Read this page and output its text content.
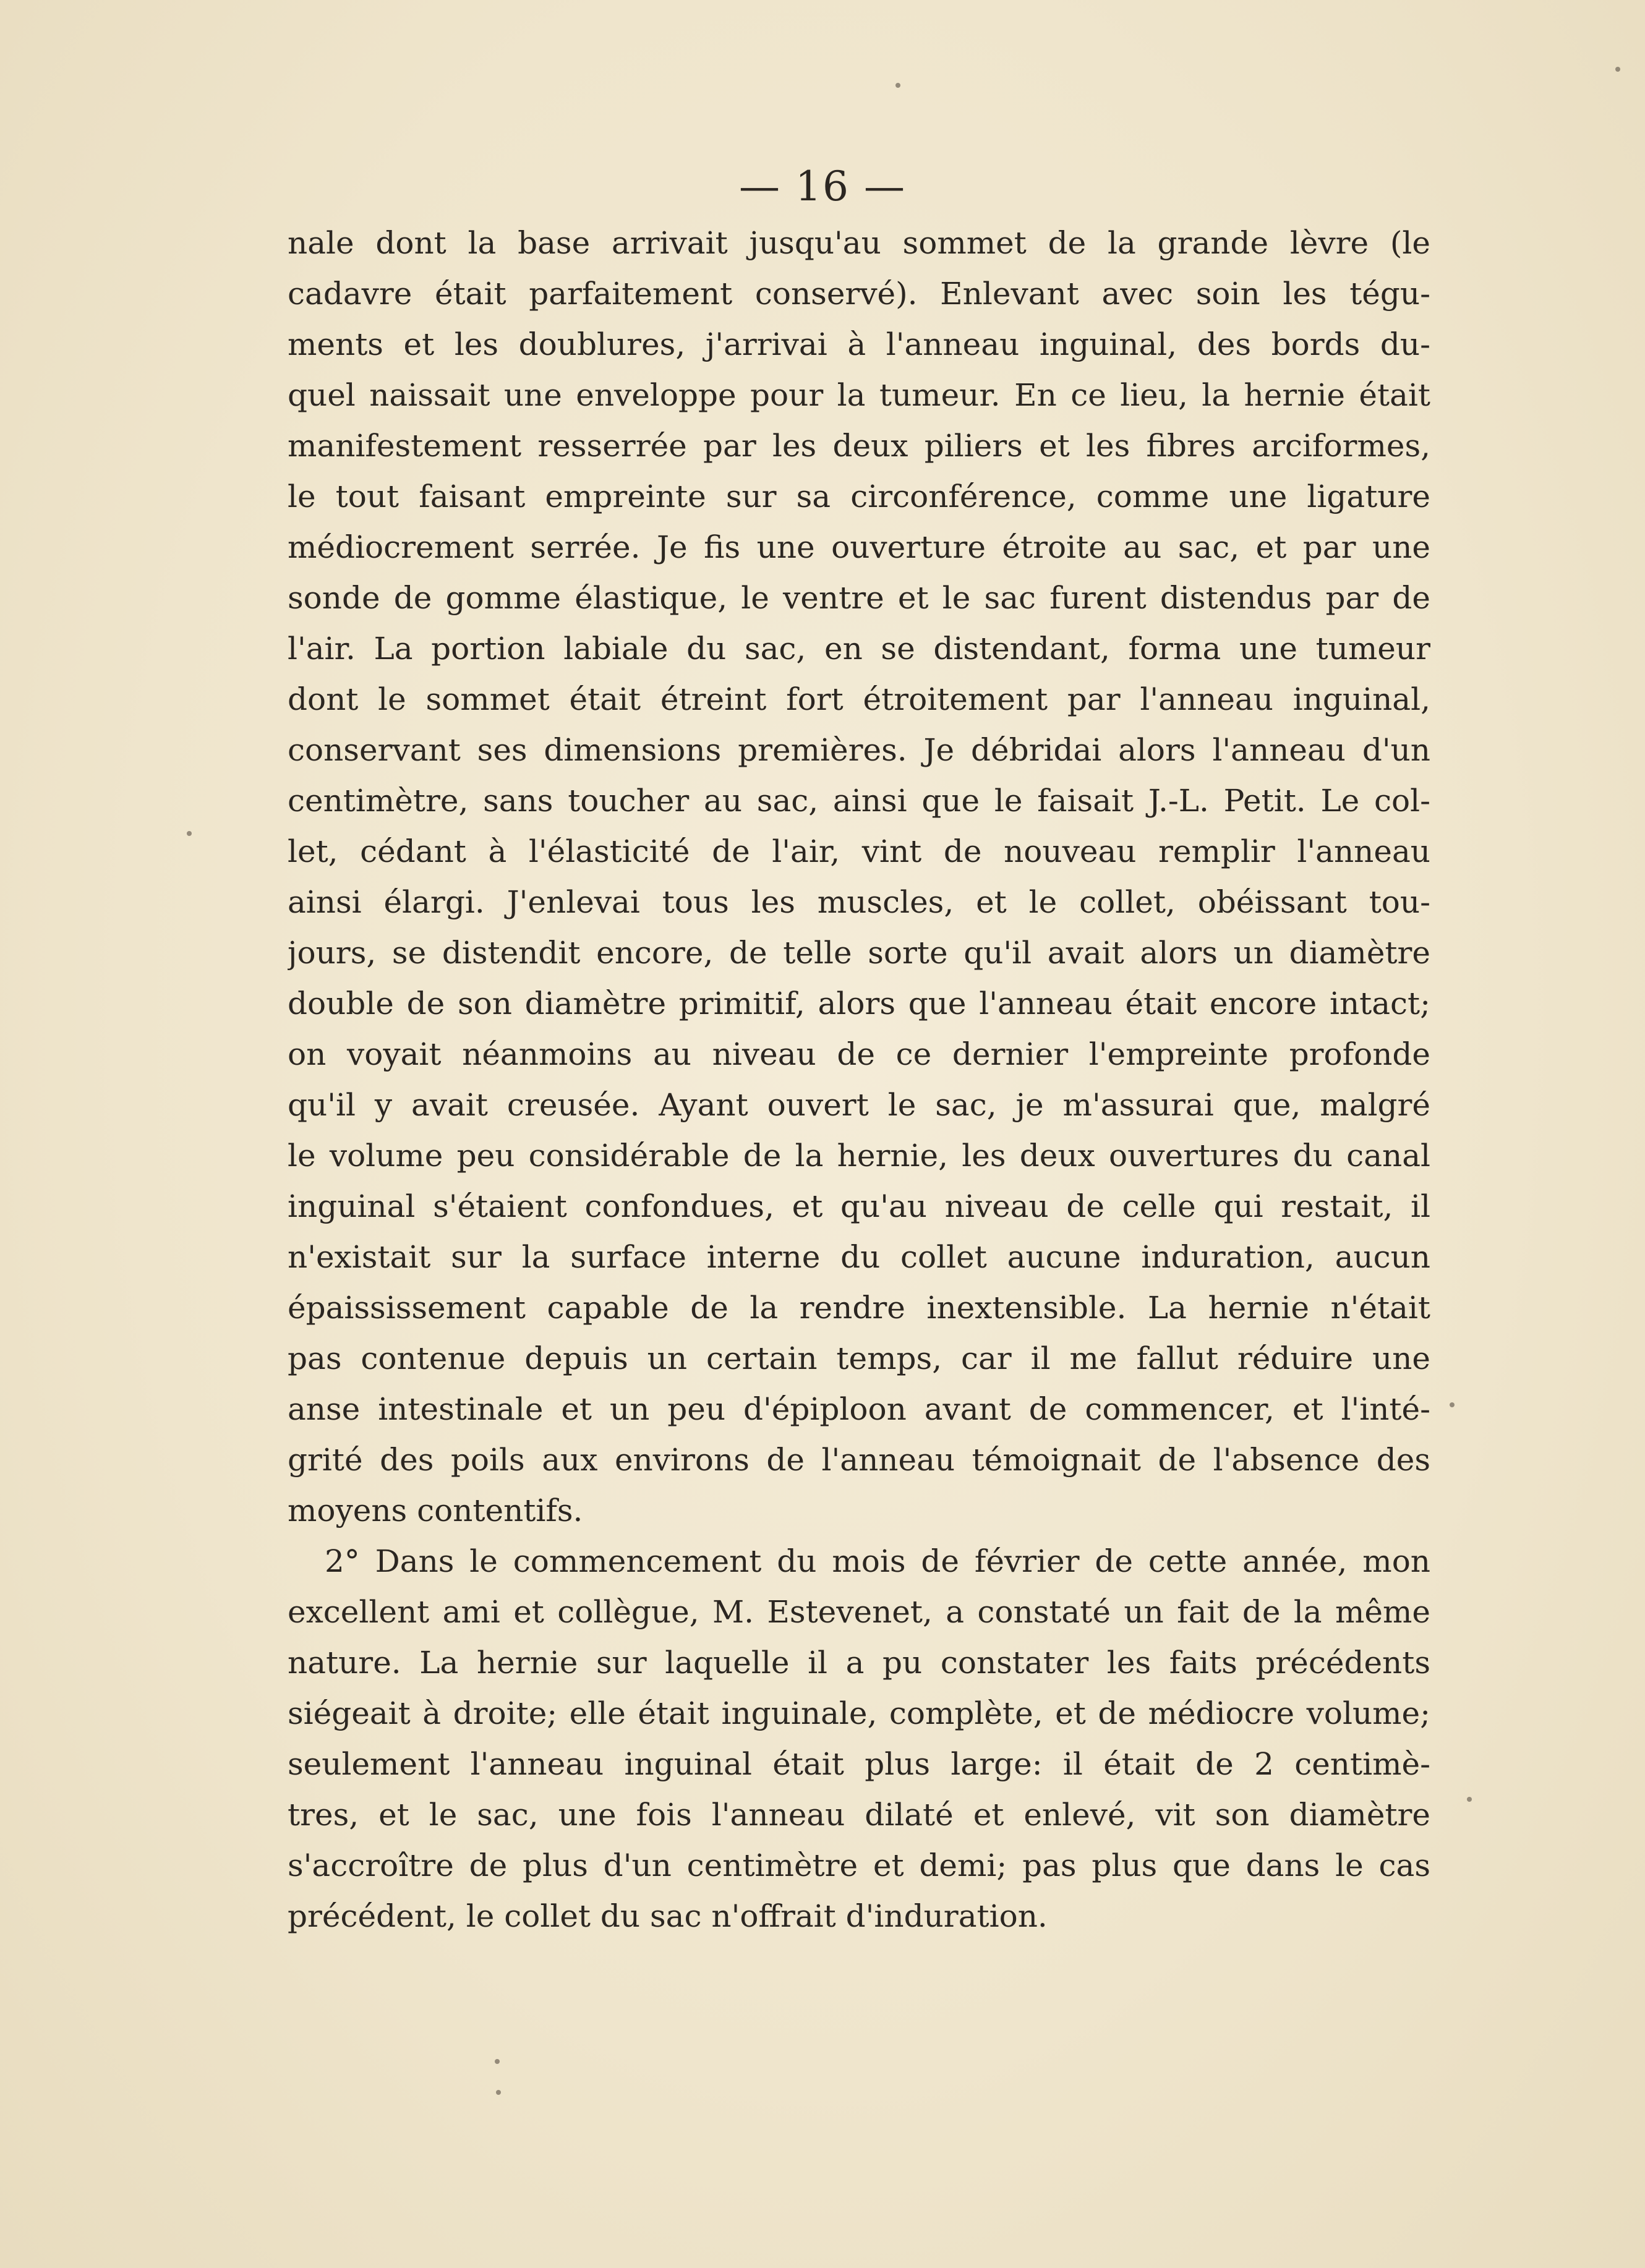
— 16 —
nale dont la base arrivait jusqu'au sommet de la grande lèvre (le
cadavre était parfaitement conservé). Enlevant avec soin les tégu-
ments et les doublures, j'arrivai à l'anneau inguinal, des bords du-
quel naissait une enveloppe pour la tumeur. En ce lieu, la hernie était
manifestement resserrée par les deux piliers et les fibres arciformes,
le tout faisant empreinte sur sa circonférence, comme une ligature
médiocrement serrée. Je fis une ouverture étroite au sac, et par une
sonde de gomme élastique, le ventre et le sac furent distendus par de
l'air. La portion labiale du sac, en se distendant, forma une tumeur
dont le sommet était étreint fort étroitement par l'anneau inguinal,
conservant ses dimensions premières. Je débridai alors l'anneau d'un
centimètre, sans toucher au sac, ainsi que le faisait J.-L. Petit. Le col-
let, cédant à l'élasticité de l'air, vint de nouveau remplir l'anneau
ainsi élargi. J'enlevai tous les muscles, et le collet, obéissant tou-
jours, se distendit encore, de telle sorte qu'il avait alors un diamètre
double de son diamètre primitif, alors que l'anneau était encore intact;
on voyait néanmoins au niveau de ce dernier l'empreinte profonde
qu'il y avait creusée. Ayant ouvert le sac, je m'assurai que, malgré
le volume peu considérable de la hernie, les deux ouvertures du canal
inguinal s'étaient confondues, et qu'au niveau de celle qui restait, il
n'existait sur la surface interne du collet aucune induration, aucun
épaississement capable de la rendre inextensible. La hernie n'était
pas contenue depuis un certain temps, car il me fallut réduire une
anse intestinale et un peu d'épiploon avant de commencer, et l'inté-
grité des poils aux environs de l'anneau témoignait de l'absence des
moyens contentifs.
2° Dans le commencement du mois de février de cette année, mon
excellent ami et collègue, M. Estevenet, a constaté un fait de la même
nature. La hernie sur laquelle il a pu constater les faits précédents
siégeait à droite; elle était inguinale, complète, et de médiocre volume;
seulement l'anneau inguinal était plus large: il était de 2 centimè-
tres, et le sac, une fois l'anneau dilaté et enlevé, vit son diamètre
s'accroître de plus d'un centimètre et demi; pas plus que dans le cas
précédent, le collet du sac n'offrait d'induration.
